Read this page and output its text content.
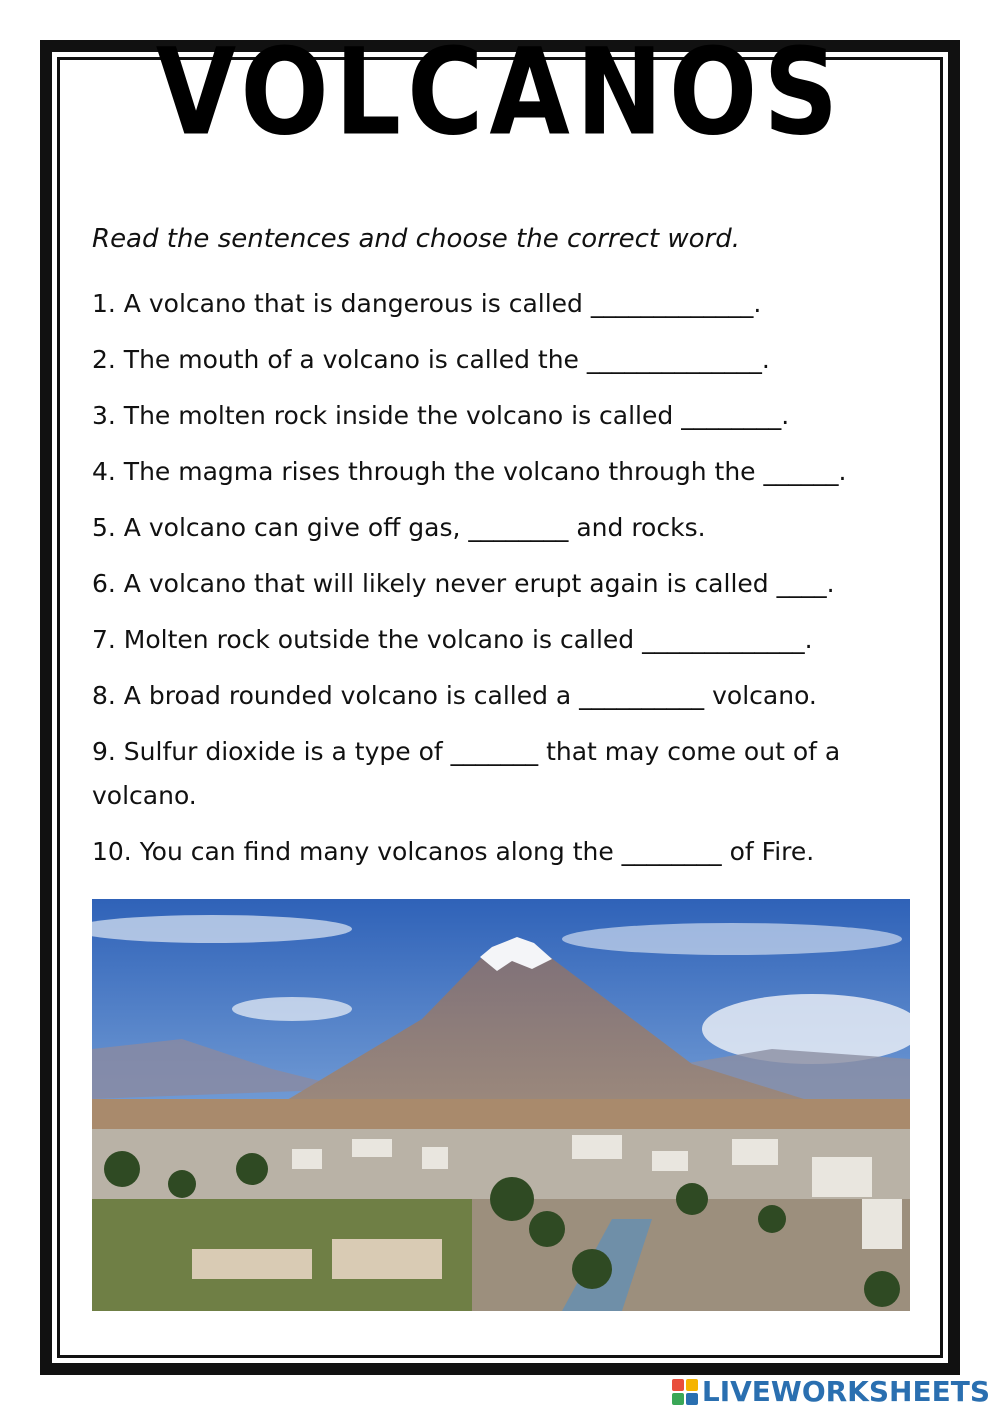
VOLCANOS
Read the sentences and choose the correct word.
1. A volcano that is dangerous is called _____________.
2. The mouth of a volcano is called the ______________.
3. The molten rock inside the volcano is called ________.
4. The magma rises through the volcano through the ______.
5. A volcano can give off gas, ________ and rocks.
6. A volcano that will likely never erupt again is called ____.
7. Molten rock outside the volcano is called _____________.
8. A broad rounded volcano is called a __________ volcano.
9. Sulfur dioxide is a type of _______ that may come out of a volcano.
10. You can find many volcanos along the ________ of Fire.
LIVEWORKSHEETS
